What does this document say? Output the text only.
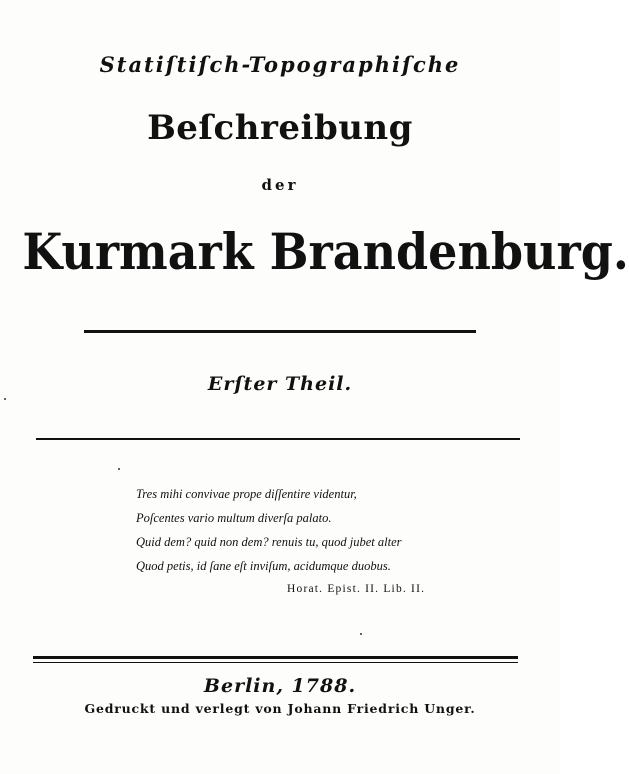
Statiſtiſch-Topographiſche
Beſchreibung
der
Kurmark Brandenburg.
Erſter Theil.
Tres mihi convivae prope diſſentire videntur,
Poſcentes vario multum diverſa palato.
Quid dem? quid non dem? renuis tu, quod jubet alter
Quod petis, id ſane eſt inviſum, acidumque duobus.
Horat. Epist. II. Lib. II.
Berlin, 1788.
Gedruckt und verlegt von Johann Friedrich Unger.
